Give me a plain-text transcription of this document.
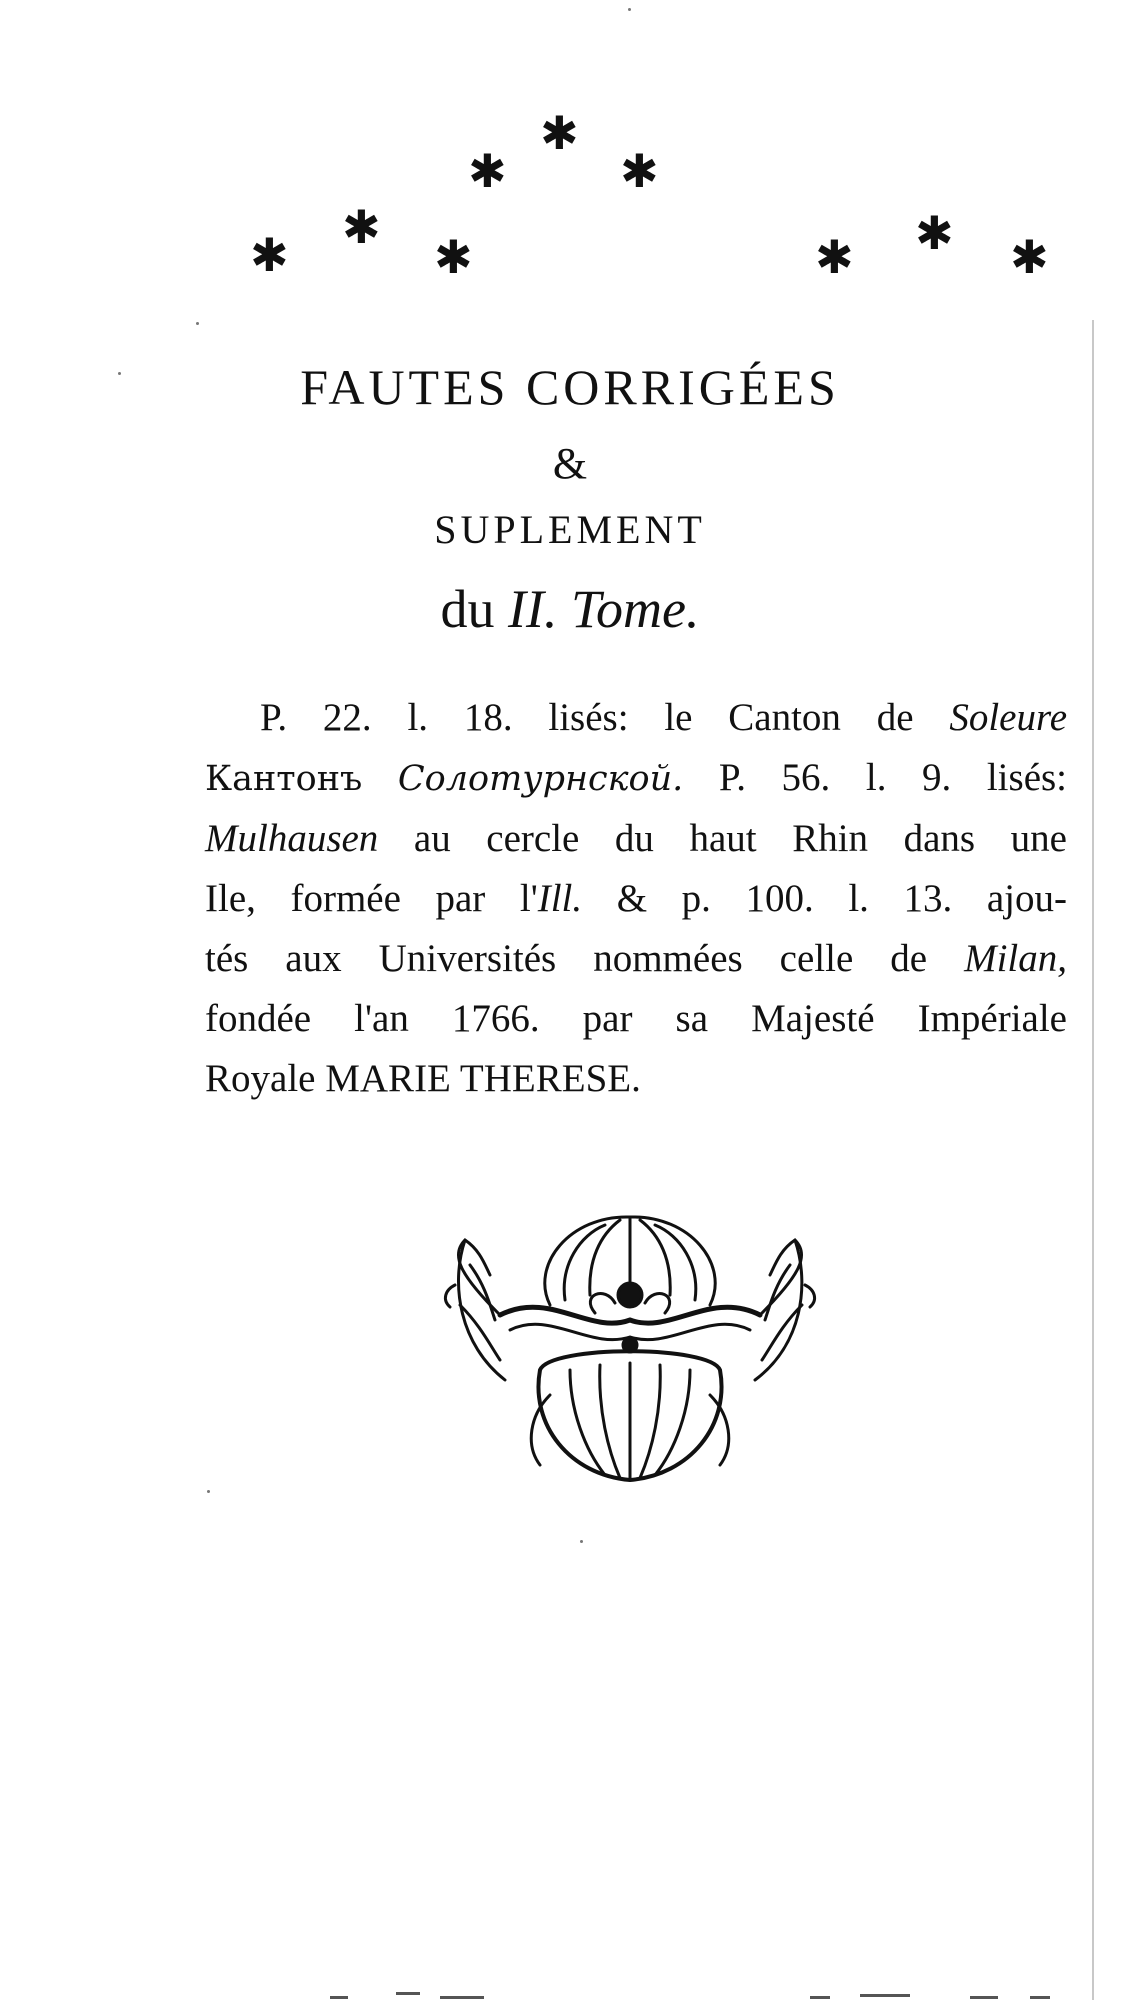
✱
✱ ✱
✱
✱	✱	✱ ✱ ✱
FAUTES CORRIGÉES
&
SUPLEMENT
du II. Tome.
P. 22. l. 18. lisés: le Canton de Soleure
Кантонъ Солотурнской. P. 56. l. 9. lisés:
Mulhausen au cercle du haut Rhin dans une
Ile, formée par l'Ill. & p. 100. l. 13. ajou-
tés aux Universités nommées celle de Milan,
fondée l'an 1766. par sa Majesté Impériale
Royale MARIE THERESE.
